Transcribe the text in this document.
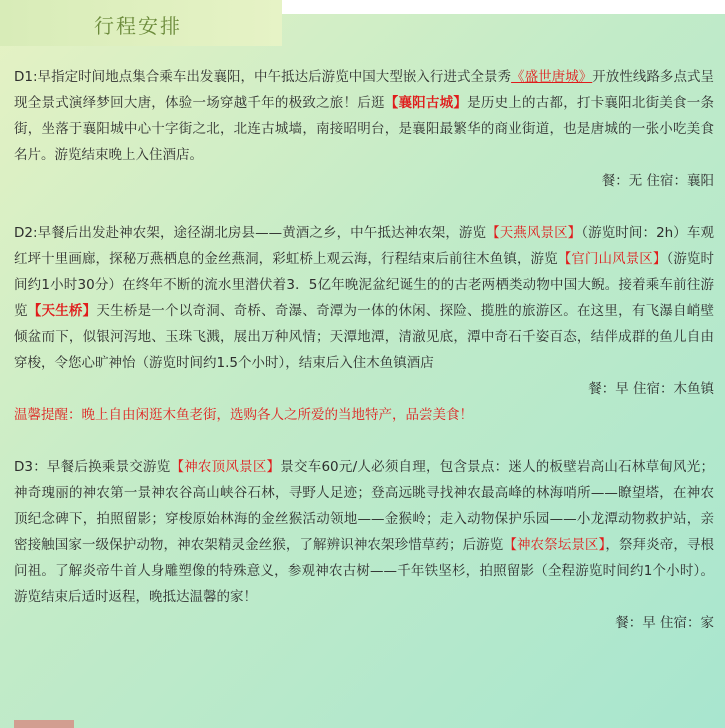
行程安排

D1:早指定时间地点集合乘车出发襄阳，中午抵达后游览中国大型嵌入行进式全景秀《盛世唐城》开放性线路多点式呈现全景式演绎梦回大唐，体验一场穿越千年的极致之旅！后逛【襄阳古城】是历史上的古都，打卡襄阳北街美食一条街，坐落于襄阳城中心十字街之北，北连古城墙，南接昭明台，是襄阳最繁华的商业街道，也是唐城的一张小吃美食名片。游览结束晚上入住酒店。

餐：无 住宿：襄阳

D2:早餐后出发赴神农架，途径湖北房县——黄酒之乡，中午抵达神农架，游览【天燕风景区】（游览时间：2h）车观红坪十里画廊，探秘万燕栖息的金丝燕洞，彩虹桥上观云海，行程结束后前往木鱼镇，游览【官门山风景区】（游览时间约1小时30分）在终年不断的流水里潜伏着3．5亿年晚泥盆纪诞生的的古老两栖类动物中国大鲵。接着乘车前往游览【天生桥】天生桥是一个以奇洞、奇桥、奇瀑、奇潭为一体的休闲、探险、揽胜的旅游区。在这里，有飞瀑自峭壁倾盆而下，似银河泻地、玉珠飞溅，展出万种风情；天潭地潭，清澈见底，潭中奇石千姿百态，结伴成群的鱼儿自由穿梭，令您心旷神怡（游览时间约1.5个小时），结束后入住木鱼镇酒店

餐：早 住宿：木鱼镇

温馨提醒：晚上自由闲逛木鱼老街，选购各人之所爱的当地特产，品尝美食！

D3：早餐后换乘景交游览【神农顶风景区】景交车60元/人必须自理，包含景点：迷人的板壁岩高山石林草甸风光；神奇瑰丽的神农第一景神农谷高山峡谷石林，寻野人足迹；登高远眺寻找神农最高峰的林海哨所——瞭望塔，在神农顶纪念碑下，拍照留影；穿梭原始林海的金丝猴活动领地——金猴岭；走入动物保护乐园——小龙潭动物救护站，亲密接触国家一级保护动物，神农架精灵金丝猴，了解辨识神农架珍惜草药；后游览【神农祭坛景区】，祭拜炎帝，寻根问祖。了解炎帝牛首人身雕塑像的特殊意义，参观神农古树——千年铁坚杉，拍照留影（全程游览时间约1个小时）。游览结束后适时返程，晚抵达温馨的家！

餐：早 住宿：家
